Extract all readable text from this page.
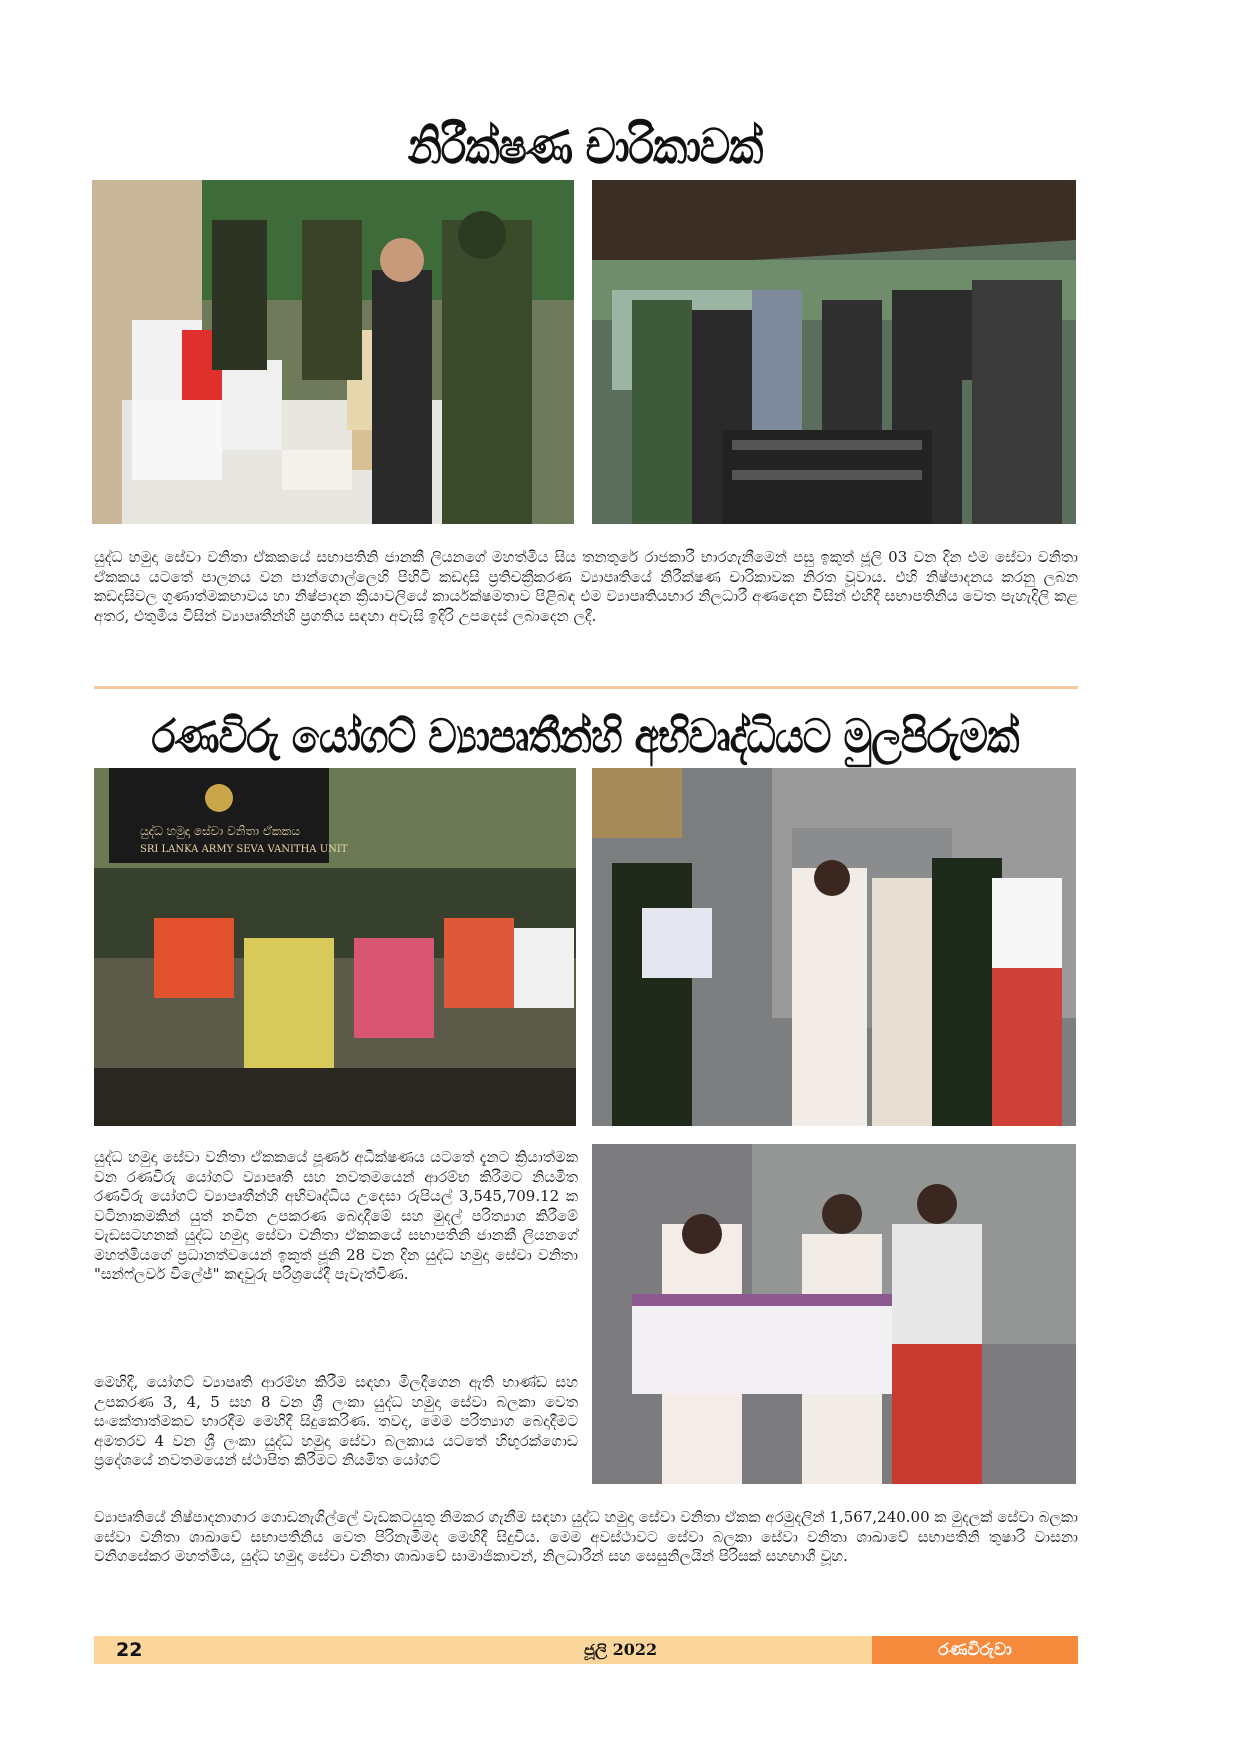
නිරීක්ෂණ චාරිකාවක්
යුද්ධ හමුදා සේවා වනිතා ඒකකයේ සභාපතිනි ජානකී ලියනගේ මහත්මිය සිය තනතුරේ රාජකාරී භාරගැනීමෙන් පසු ඉකුත් ජූලි 03 වන දින එම සේවා වනිතා ඒකකය යටතේ පාලනය වන පාන්ගොල්ලෙහි පිහිටි කඩදාසි ප්‍රතිචක්‍රීකරණ ව්‍යාපෘතියේ නිරීක්ෂණ චාරිකාවක නිරත වූවාය. එහි නිෂ්පාදනය කරනු ලබන කඩදාසිවල ගුණාත්මකභාවය හා නිෂ්පාදන ක්‍රියාවලියේ කාර්යක්ෂමතාව පිළිබඳ එම ව්‍යාපෘතියභාර නිලධාරී අණදෙන විසින් එහිදී සභාපතිනිය වෙත පැහැදිලි කළ අතර, එතුමිය විසින් ව්‍යාපෘතීන්හි ප්‍රගතිය සඳහා අවැසි ඉදිරි උපදෙස් ලබාදෙන ලදී.
රණවිරු යෝගට් ව්‍යාපෘතීන්හි අභිවෘද්ධියට මුලපිරුමක්
යුද්ධ හමුදා සේවා වනිතා ඒකකය
SRI LANKA ARMY SEVA VANITHA UNIT
යුද්ධ හමුදා සේවා වනිතා ඒකකයේ පූර්ණ අධීක්ෂණය යටතේ දැනට ක්‍රියාත්මක වන රණවිරු යෝගට් ව්‍යාපෘති සහ නවතමයෙන් ආරම්භ කිරීමට නියමිත රණවිරු යෝගට් ව්‍යාපෘතීන්හි අභිවෘද්ධිය උදෙසා රුපියල් 3,545,709.12 ක වටිනාකමකින් යුත් නවීන උපකරණ බෙදාදීමේ සහ මුදල් පරිත්‍යාග කිරීමේ වැඩසටහනක් යුද්ධ හමුදා සේවා වනිතා ඒකකයේ සභාපතිනි ජානකී ලියනගේ මහත්මියගේ ප්‍රධානත්වයෙන් ඉකුත් ජූනි 28 වන දින යුද්ධ හමුදා සේවා වනිතා "සන්ෆ්ලවර් විලේජ්" කඳවුරු පරිශ්‍රයේදී පැවැත්විණ.
මෙහිදී, යෝගට් ව්‍යාපෘති ආරම්භ කිරීම සඳහා මිලදීගෙන ඇති භාණ්ඩ සහ උපකරණ 3, 4, 5 සහ 8 වන ශ්‍රී ලංකා යුද්ධ හමුදා සේවා බලකා වෙත සංකේතාත්මකව භාරදීම මෙහිදී සිදුකෙරිණ. තවද, මෙම පරිත්‍යාග බෙදාදීමට අමතරව 4 වන ශ්‍රී ලංකා යුද්ධ හමුදා සේවා බලකාය යටතේ හිඟුරක්ගොඩ ප්‍රදේශයේ නවතමයෙන් ස්ථාපිත කිරීමට නියමිත යෝගට්
ව්‍යාපෘතියේ නිෂ්පාදනාගාර ගොඩනැගිල්ලේ වැඩකටයුතු නිමකර ගැනීම සඳහා යුද්ධ හමුදා සේවා වනිතා ඒකක අරමුදලින් 1,567,240.00 ක මුදලක් සේවා බලකා සේවා වනිතා ශාඛාවේ සභාපතිනිය වෙත පිරිනැමීමද මෙහිදී සිදුවිය. මෙම අවස්ථාවට සේවා බලකා සේවා වනිතා ශාඛාවේ සභාපතිනි තුෂාරි වාසනා වනිගසේකර මහත්මිය, යුද්ධ හමුදා සේවා වනිතා ශාඛාවේ සාමාජිකාවන්, නිලධාරීන් සහ සෙසුනිලයින් පිරිසක් සහභාගී වූහ.
22	ජූලි 2022	රණවිරුවා
